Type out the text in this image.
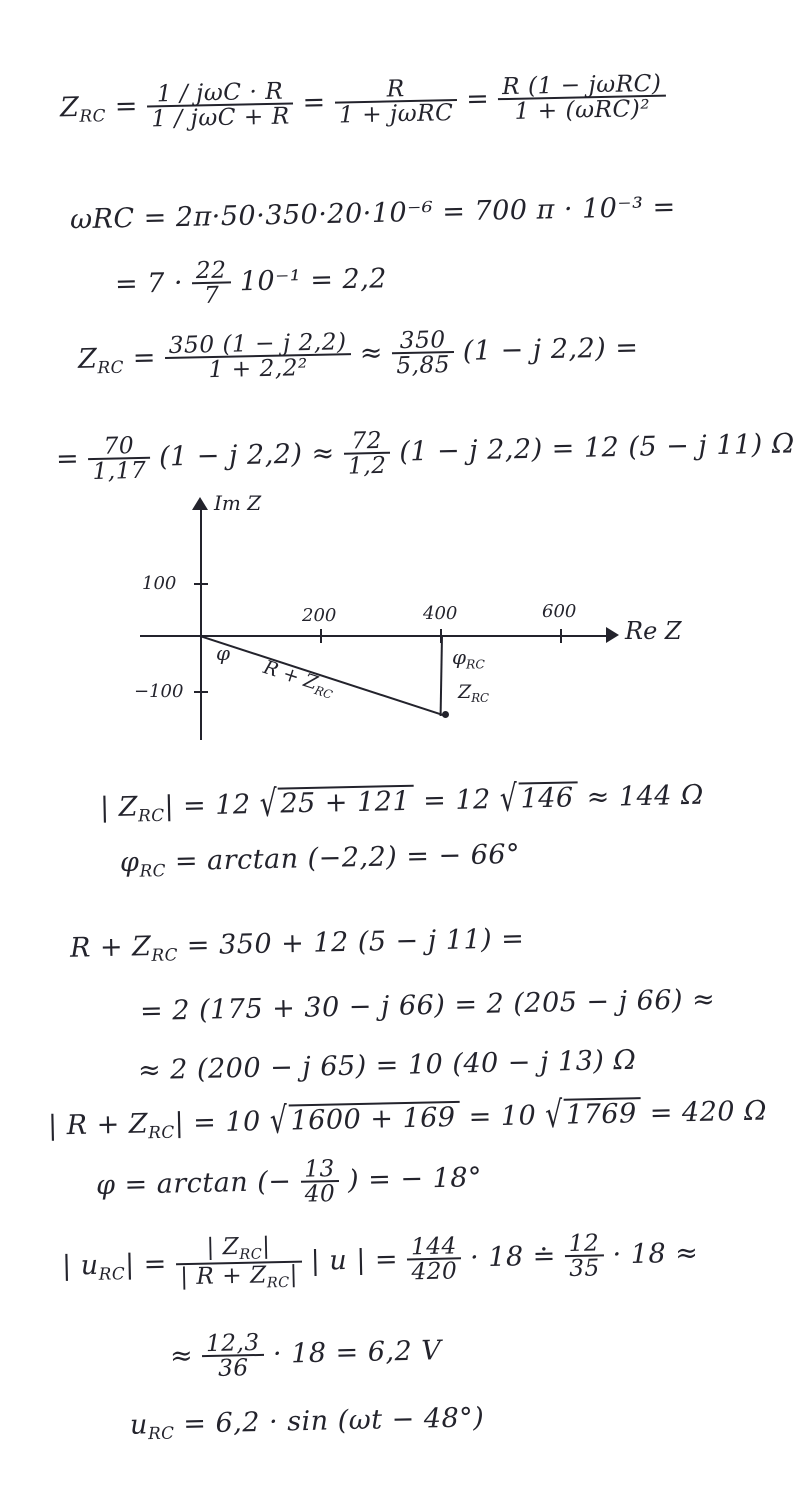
$Z_{RC} = \frac{\text{1 / jωC · R}}{\text{1 / jωC + R}} = \frac{R}{\text{1 + jωRC}} = \frac{\text{R (1 − jωRC)}}{\text{1 + (ωRC)²}}$
ωRC = 2π·50·350·20·10⁻⁶ = 700 π · 10⁻³ =
= $7 \cdot \frac{22}{7} 10^{-1} = 2,2$
$Z_{RC} = \frac{350 (1 - j 2,2)}{\text{1 + 2,2²}} \approx \frac{350}{5,85} (1 - j$ 2,2) =
= $\frac{70}{1,17} (1 - j$ $2,2) \approx \frac{72}{1,2} (1 - j$ 2,2) = 12 (5 − j 11) Ω
Im Z
Re Z
100
−100
200	400	600
φ	$\varphi_{RC}$
$R + Z_{RC}$	$Z_{RC}$
| $Z_{RC}| = 12$ √25 + 121 = 12 √146 ≈ 144 Ω
$\varphi_{RC} = \arctan (-2,2)$ = − 66°
$R + Z_{RC} = 350 + 12$ (5 − j 11) =
= 2 (175 + 30 − j 66) = 2 (205 − j 66) ≈
≈ 2 (200 − j 65) = 10 (40 − j 13) Ω
| $R + Z_{RC}| = 10$ √1600 + 169 = 10 √1769 = 420 Ω
φ = arctan (− $\frac{13}{40}$ ) = − 18°
| $u_{RC}| = \frac{| Z_{RC}|}{| R + Z_{RC}|}$ | u | = $\frac{144}{420} \cdot 18$ ≐ $\frac{12}{35} \cdot 18$ ≈
≈ $\frac{12,3}{36} \cdot 18 = 6,2$ V
$u_{RC} = 6,2 \cdot \sin (\omega t - 48^\circ)$
